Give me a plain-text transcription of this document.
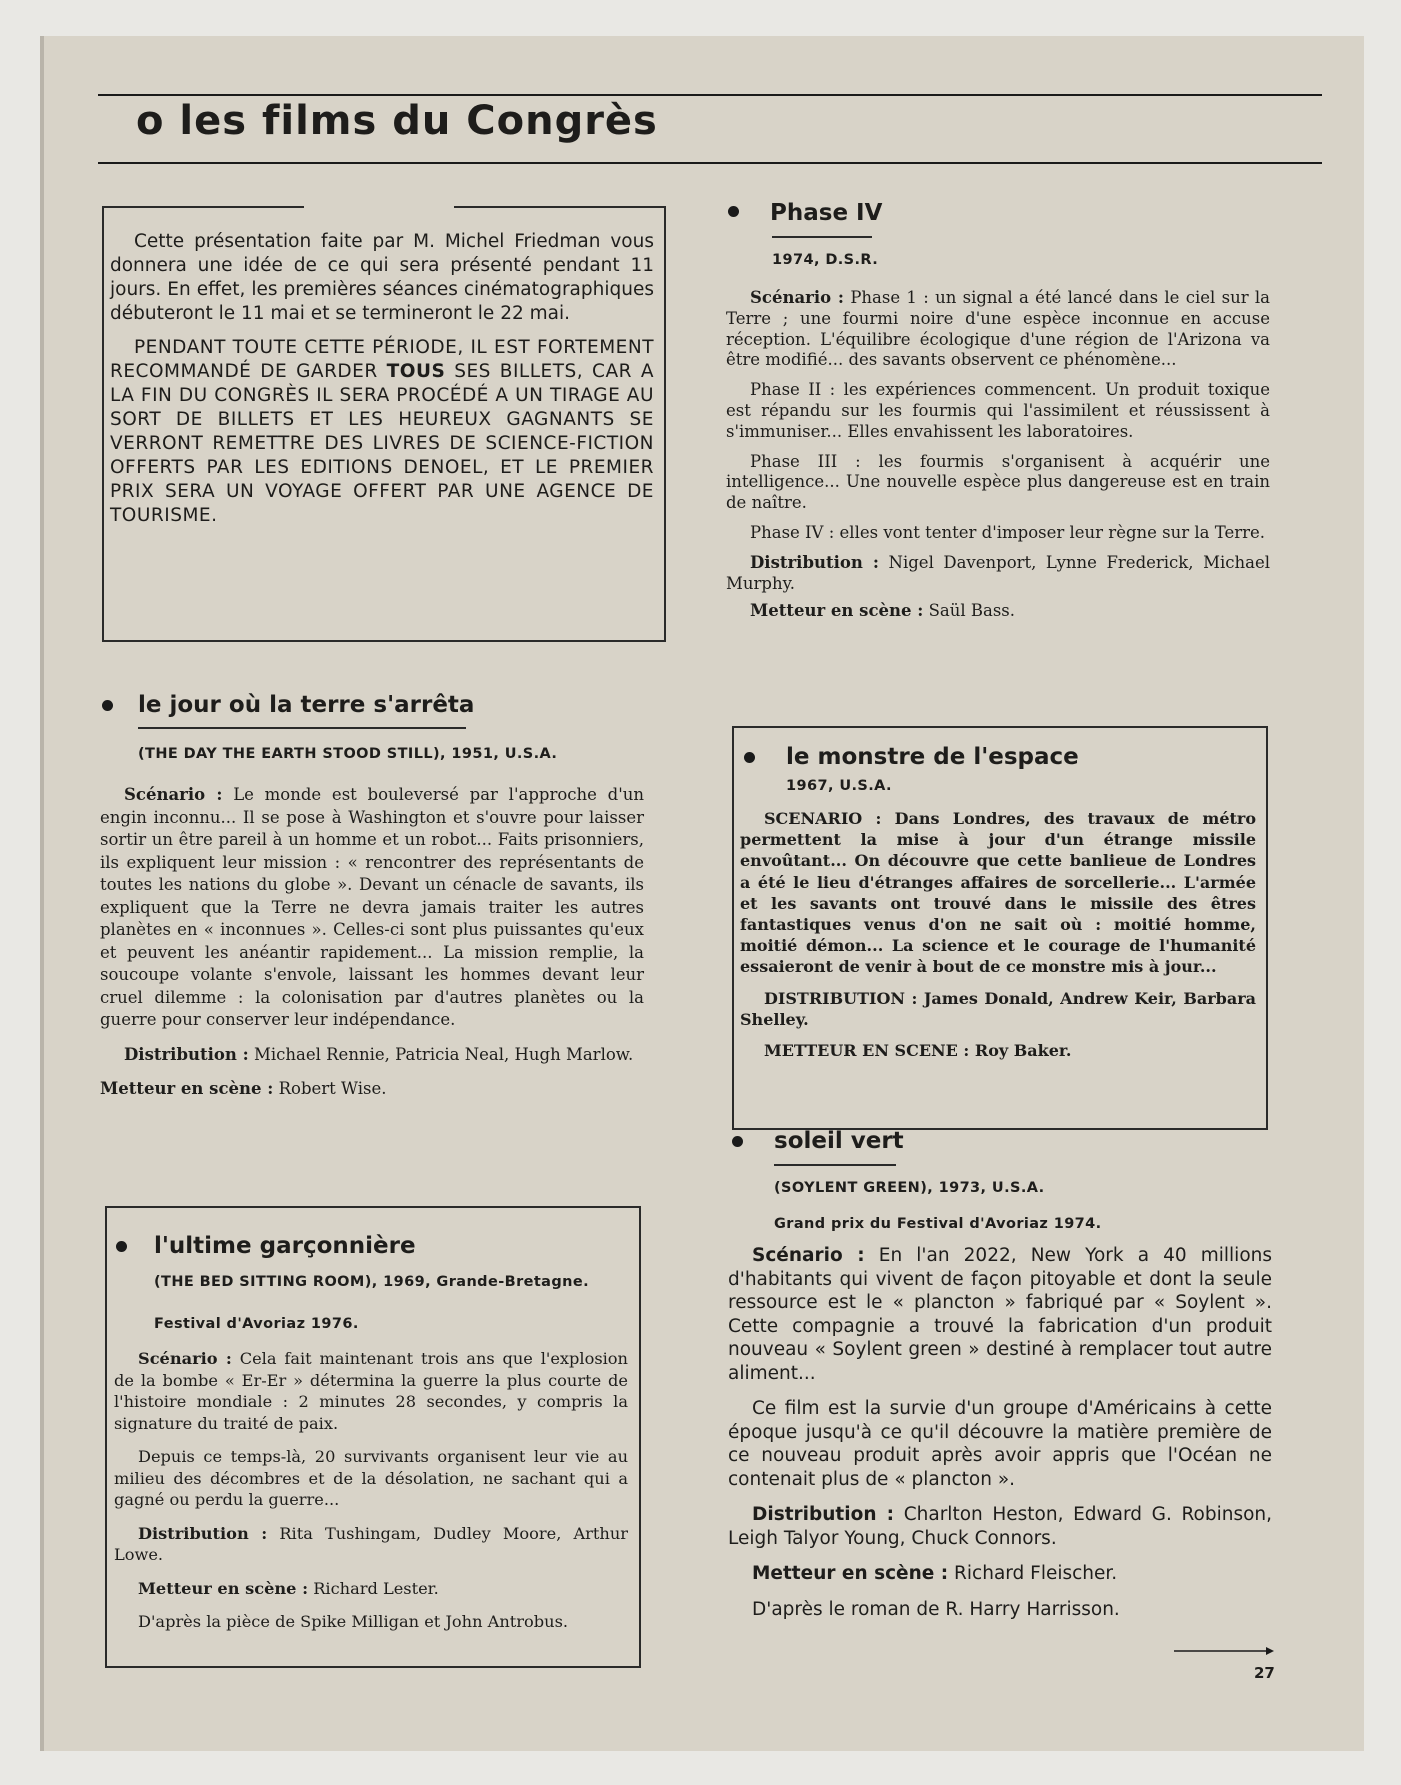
o les films du Congrès

Cette présentation faite par M. Michel Friedman vous donnera une idée de ce qui sera présenté pendant 11 jours. En effet, les premières séances cinématographiques débuteront le 11 mai et se termineront le 22 mai.

PENDANT TOUTE CETTE PÉRIODE, IL EST FORTEMENT RECOMMANDÉ DE GARDER TOUS SES BILLETS, CAR A LA FIN DU CONGRÈS IL SERA PROCÉDÉ A UN TIRAGE AU SORT DE BILLETS ET LES HEUREUX GAGNANTS SE VERRONT REMETTRE DES LIVRES DE SCIENCE-FICTION OFFERTS PAR LES EDITIONS DENOEL, ET LE PREMIER PRIX SERA UN VOYAGE OFFERT PAR UNE AGENCE DE TOURISME.

le jour où la terre s'arrêta
(THE DAY THE EARTH STOOD STILL), 1951, U.S.A.

Scénario : Le monde est bouleversé par l'approche d'un engin inconnu... Il se pose à Washington et s'ouvre pour laisser sortir un être pareil à un homme et un robot... Faits prisonniers, ils expliquent leur mission : « rencontrer des représentants de toutes les nations du globe ». Devant un cénacle de savants, ils expliquent que la Terre ne devra jamais traiter les autres planètes en « inconnues ». Celles-ci sont plus puissantes qu'eux et peuvent les anéantir rapidement... La mission remplie, la soucoupe volante s'envole, laissant les hommes devant leur cruel dilemme : la colonisation par d'autres planètes ou la guerre pour conserver leur indépendance.

Distribution : Michael Rennie, Patricia Neal, Hugh Marlow.

Metteur en scène : Robert Wise.

l'ultime garçonnière
(THE BED SITTING ROOM), 1969, Grande-Bretagne.
Festival d'Avoriaz 1976.

Scénario : Cela fait maintenant trois ans que l'explosion de la bombe « Er-Er » détermina la guerre la plus courte de l'histoire mondiale : 2 minutes 28 secondes, y compris la signature du traité de paix.

Depuis ce temps-là, 20 survivants organisent leur vie au milieu des décombres et de la désolation, ne sachant qui a gagné ou perdu la guerre...

Distribution : Rita Tushingam, Dudley Moore, Arthur Lowe.

Metteur en scène : Richard Lester.

D'après la pièce de Spike Milligan et John Antrobus.

Phase IV
1974, D.S.R.

Scénario : Phase 1 : un signal a été lancé dans le ciel sur la Terre ; une fourmi noire d'une espèce inconnue en accuse réception. L'équilibre écologique d'une région de l'Arizona va être modifié... des savants observent ce phénomène...

Phase II : les expériences commencent. Un produit toxique est répandu sur les fourmis qui l'assimilent et réussissent à s'immuniser... Elles envahissent les laboratoires.

Phase III : les fourmis s'organisent à acquérir une intelligence... Une nouvelle espèce plus dangereuse est en train de naître.

Phase IV : elles vont tenter d'imposer leur règne sur la Terre.

Distribution : Nigel Davenport, Lynne Frederick, Michael Murphy.

Metteur en scène : Saül Bass.

le monstre de l'espace
1967, U.S.A.

SCENARIO : Dans Londres, des travaux de métro permettent la mise à jour d'un étrange missile envoûtant... On découvre que cette banlieue de Londres a été le lieu d'étranges affaires de sorcellerie... L'armée et les savants ont trouvé dans le missile des êtres fantastiques venus d'on ne sait où : moitié homme, moitié démon... La science et le courage de l'humanité essaieront de venir à bout de ce monstre mis à jour...

DISTRIBUTION : James Donald, Andrew Keir, Barbara Shelley.

METTEUR EN SCENE : Roy Baker.

soleil vert
(SOYLENT GREEN), 1973, U.S.A.
Grand prix du Festival d'Avoriaz 1974.

Scénario : En l'an 2022, New York a 40 millions d'habitants qui vivent de façon pitoyable et dont la seule ressource est le « plancton » fabriqué par « Soylent ». Cette compagnie a trouvé la fabrication d'un produit nouveau « Soylent green » destiné à remplacer tout autre aliment...

Ce film est la survie d'un groupe d'Américains à cette époque jusqu'à ce qu'il découvre la matière première de ce nouveau produit après avoir appris que l'Océan ne contenait plus de « plancton ».

Distribution : Charlton Heston, Edward G. Robinson, Leigh Talyor Young, Chuck Connors.

Metteur en scène : Richard Fleischer.

D'après le roman de R. Harry Harrisson.

27
